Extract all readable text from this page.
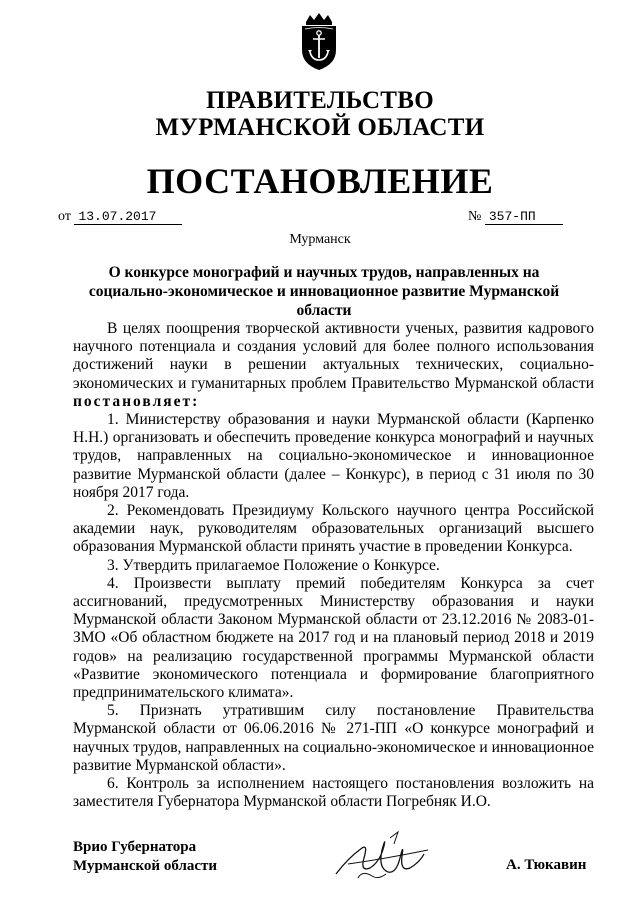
ПРАВИТЕЛЬСТВО
МУРМАНСКОЙ ОБЛАСТИ
ПОСТАНОВЛЕНИЕ
от 13.07.2017	№ 357-ПП
Мурманск
О конкурсе монографий и научных трудов, направленных на социально-экономическое и инновационное развитие Мурманской области

В целях поощрения творческой активности ученых, развития кадрового научного потенциала и создания условий для более полного использования достижений науки в решении актуальных технических, социально-экономических и гуманитарных проблем Правительство Мурманской области постановляет:

1. Министерству образования и науки Мурманской области (Карпенко Н.Н.) организовать и обеспечить проведение конкурса монографий и научных трудов, направленных на социально-экономическое и инновационное развитие Мурманской области (далее – Конкурс), в период с 31 июля по 30 ноября 2017 года.

2. Рекомендовать Президиуму Кольского научного центра Российской академии наук, руководителям образовательных организаций высшего образования Мурманской области принять участие в проведении Конкурса.

3. Утвердить прилагаемое Положение о Конкурсе.

4. Произвести выплату премий победителям Конкурса за счет ассигнований, предусмотренных Министерству образования и науки Мурманской области Законом Мурманской области от 23.12.2016 № 2083-01-ЗМО «Об областном бюджете на 2017 год и на плановый период 2018 и 2019 годов» на реализацию государственной программы Мурманской области «Развитие экономического потенциала и формирование благоприятного предпринимательского климата».

5. Признать утратившим силу постановление Правительства Мурманской области от 06.06.2016 № 271-ПП «О конкурсе монографий и научных трудов, направленных на социально-экономическое и инновационное развитие Мурманской области».

6. Контроль за исполнением настоящего постановления возложить на заместителя Губернатора Мурманской области Погребняк И.О.

Врио Губернатора
Мурманской области	А. Тюкавин
